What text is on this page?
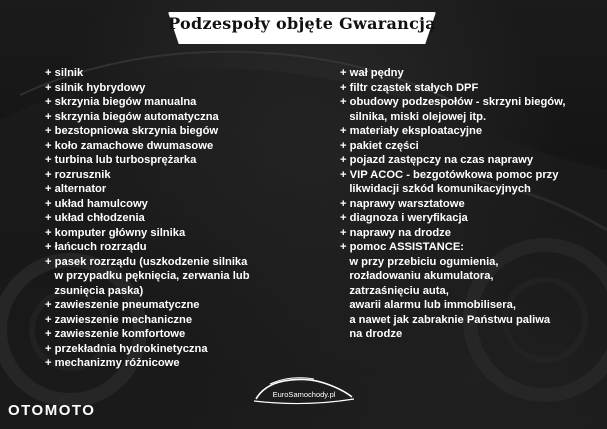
Podzespoły objęte Gwarancją
+ silnik
+ silnik hybrydowy
+ skrzynia biegów manualna
+ skrzynia biegów automatyczna
+ bezstopniowa skrzynia biegów
+ koło zamachowe dwumasowe
+ turbina lub turbosprężarka
+ rozrusznik
+ alternator
+ układ hamulcowy
+ układ chłodzenia
+ komputer główny silnika
+ łańcuch rozrządu
+ pasek rozrządu (uszkodzenie silnika
w przypadku pęknięcia, zerwania lub
zsunięcia paska)
+ zawieszenie pneumatyczne
+ zawieszenie mechaniczne
+ zawieszenie komfortowe
+ przekładnia hydrokinetyczna
+ mechanizmy różnicowe
+ wał pędny
+ filtr cząstek stałych DPF
+ obudowy podzespołów - skrzyni biegów,
silnika, miski olejowej itp.
+ materiały eksploatacyjne
+ pakiet części
+ pojazd zastępczy na czas naprawy
+ VIP ACOC - bezgotówkowa pomoc przy
likwidacji szkód komunikacyjnych
+ naprawy warsztatowe
+ diagnoza i weryfikacja
+ naprawy na drodze
+ pomoc ASSISTANCE:
w przy przebiciu ogumienia,
rozładowaniu akumulatora,
zatrzaśnięciu auta,
awarii alarmu lub immobilisera,
a nawet jak zabraknie Państwu paliwa
na drodze
EuroSamochody.pl
OTOMOTO
